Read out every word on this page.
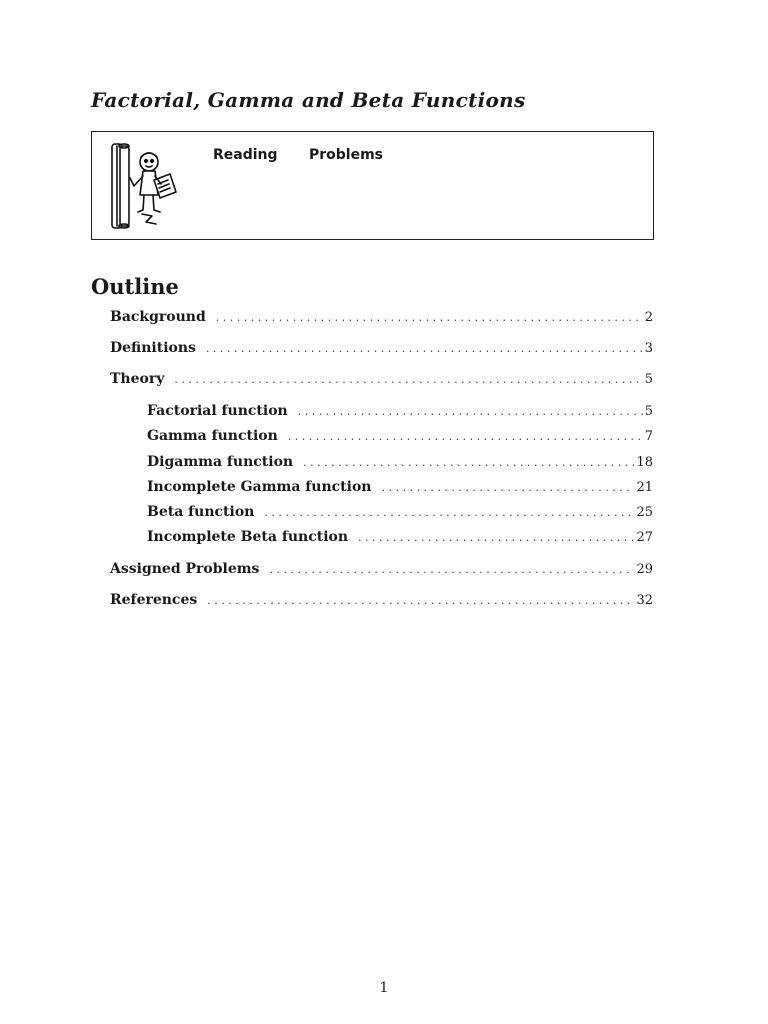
Factorial, Gamma and Beta Functions
Reading Problems
Outline
Background . . .	2
Definitions . . .	3
Theory . . .	5
Factorial function . . .	5
Gamma function . . .	7
Digamma function . . .	18
Incomplete Gamma function . . .	21
Beta function . . .	25
Incomplete Beta function . . .	27
Assigned Problems . . .	29
References . . .	32
1
